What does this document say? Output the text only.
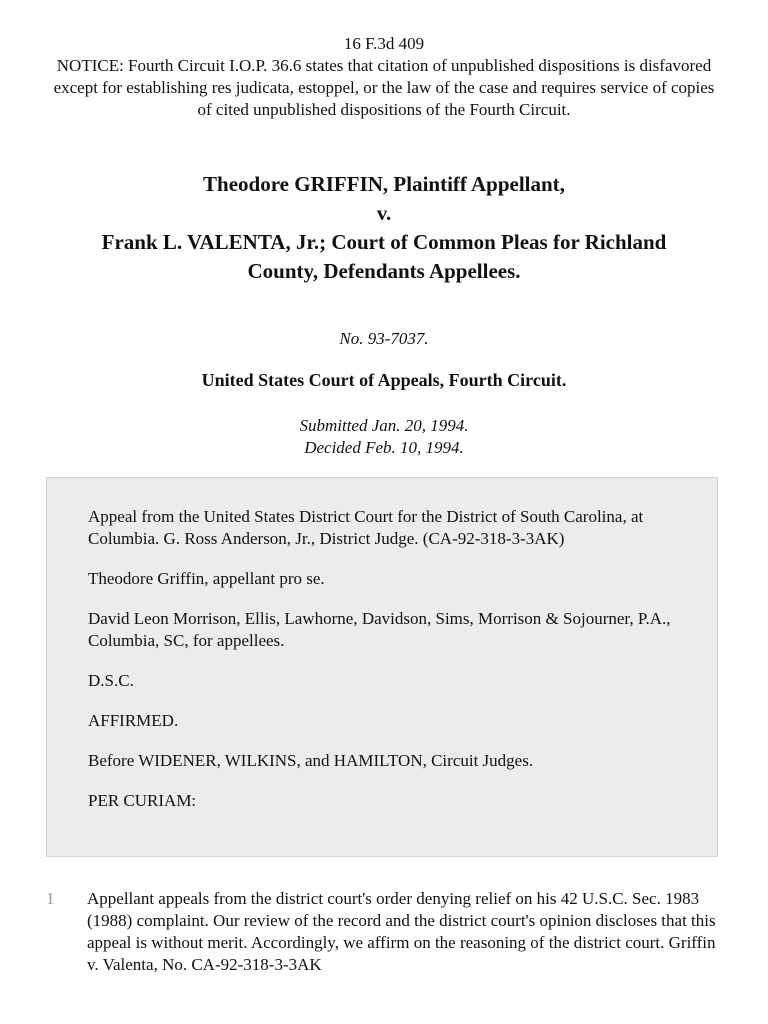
16 F.3d 409

NOTICE: Fourth Circuit I.O.P. 36.6 states that citation of unpublished dispositions is disfavored except for establishing res judicata, estoppel, or the law of the case and requires service of copies of cited unpublished dispositions of the Fourth Circuit.

Theodore GRIFFIN, Plaintiff Appellant,
v.
Frank L. VALENTA, Jr.; Court of Common Pleas for Richland
County, Defendants Appellees.
No. 93-7037.
United States Court of Appeals, Fourth Circuit.
Submitted Jan. 20, 1994.
Decided Feb. 10, 1994.

Appeal from the United States District Court for the District of South Carolina, at Columbia. G. Ross Anderson, Jr., District Judge. (CA-92-318-3-3AK)

Theodore Griffin, appellant pro se.

David Leon Morrison, Ellis, Lawhorne, Davidson, Sims, Morrison & Sojourner, P.A., Columbia, SC, for appellees.

D.S.C.

AFFIRMED.

Before WIDENER, WILKINS, and HAMILTON, Circuit Judges.

PER CURIAM:

1 Appellant appeals from the district court's order denying relief on his 42 U.S.C. Sec. 1983 (1988) complaint. Our review of the record and the district court's opinion discloses that this appeal is without merit. Accordingly, we affirm on the reasoning of the district court. Griffin v. Valenta, No. CA-92-318-3-3AK
